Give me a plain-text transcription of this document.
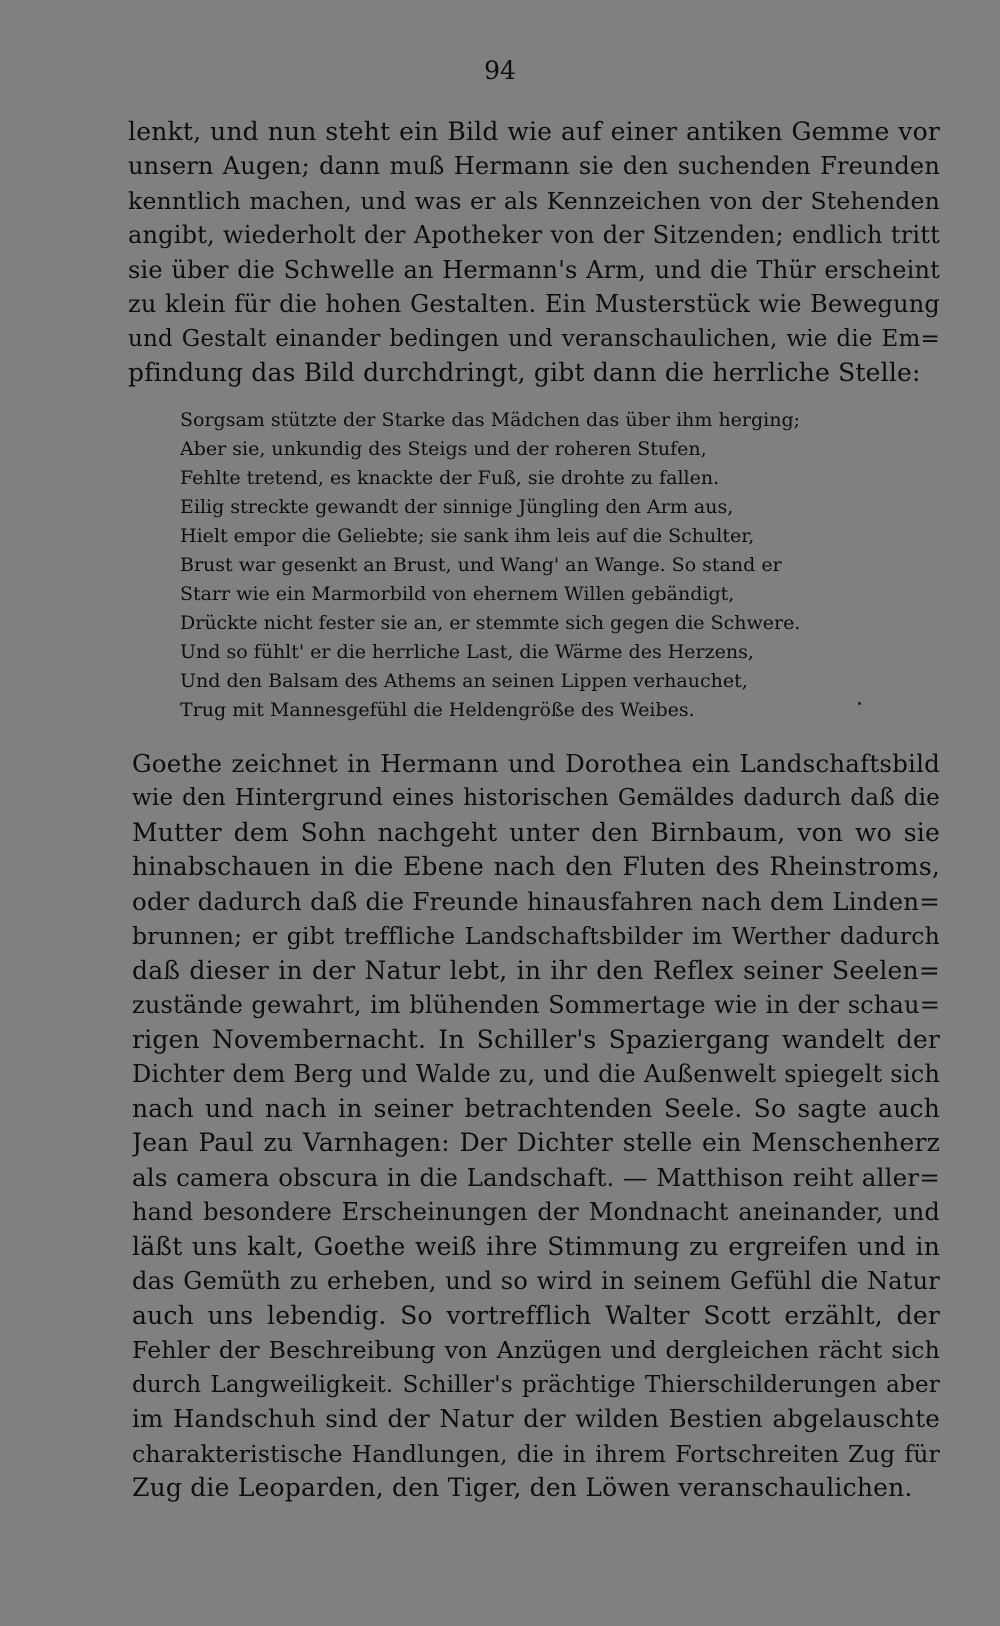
94
lenkt, und nun steht ein Bild wie auf einer antiken Gemme vor
unsern Augen; dann muß Hermann sie den suchenden Freunden
kenntlich machen, und was er als Kennzeichen von der Stehenden
angibt, wiederholt der Apotheker von der Sitzenden; endlich tritt
sie über die Schwelle an Hermann's Arm, und die Thür erscheint
zu klein für die hohen Gestalten. Ein Musterstück wie Bewegung
und Gestalt einander bedingen und veranschaulichen, wie die Em=
pfindung das Bild durchdringt, gibt dann die herrliche Stelle:
Sorgsam stützte der Starke das Mädchen das über ihm herging;
Aber sie, unkundig des Steigs und der roheren Stufen,
Fehlte tretend, es knackte der Fuß, sie drohte zu fallen.
Eilig streckte gewandt der sinnige Jüngling den Arm aus,
Hielt empor die Geliebte; sie sank ihm leis auf die Schulter,
Brust war gesenkt an Brust, und Wang' an Wange. So stand er
Starr wie ein Marmorbild von ehernem Willen gebändigt,
Drückte nicht fester sie an, er stemmte sich gegen die Schwere.
Und so fühlt' er die herrliche Last, die Wärme des Herzens,
Und den Balsam des Athems an seinen Lippen verhauchet,
Trug mit Mannesgefühl die Heldengröße des Weibes.
Goethe zeichnet in Hermann und Dorothea ein Landschaftsbild
wie den Hintergrund eines historischen Gemäldes dadurch daß die
Mutter dem Sohn nachgeht unter den Birnbaum, von wo sie
hinabschauen in die Ebene nach den Fluten des Rheinstroms,
oder dadurch daß die Freunde hinausfahren nach dem Linden=
brunnen; er gibt treffliche Landschaftsbilder im Werther dadurch
daß dieser in der Natur lebt, in ihr den Reflex seiner Seelen=
zustände gewahrt, im blühenden Sommertage wie in der schau=
rigen Novembernacht. In Schiller's Spaziergang wandelt der
Dichter dem Berg und Walde zu, und die Außenwelt spiegelt sich
nach und nach in seiner betrachtenden Seele. So sagte auch
Jean Paul zu Varnhagen: Der Dichter stelle ein Menschenherz
als camera obscura in die Landschaft. — Matthison reiht aller=
hand besondere Erscheinungen der Mondnacht aneinander, und
läßt uns kalt, Goethe weiß ihre Stimmung zu ergreifen und in
das Gemüth zu erheben, und so wird in seinem Gefühl die Natur
auch uns lebendig. So vortrefflich Walter Scott erzählt, der
Fehler der Beschreibung von Anzügen und dergleichen rächt sich
durch Langweiligkeit. Schiller's prächtige Thierschilderungen aber
im Handschuh sind der Natur der wilden Bestien abgelauschte
charakteristische Handlungen, die in ihrem Fortschreiten Zug für
Zug die Leoparden, den Tiger, den Löwen veranschaulichen.
